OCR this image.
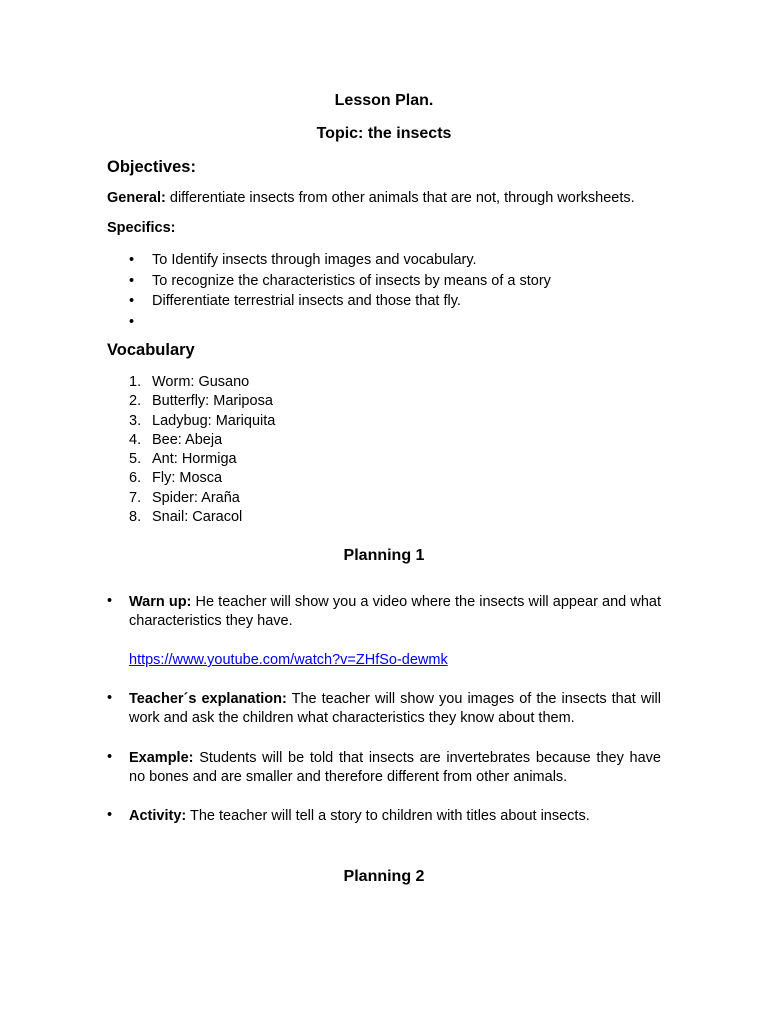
Lesson Plan.
Topic: the insects
Objectives:

General: differentiate insects from other animals that are not, through worksheets.

Specifics:

• To Identify insects through images and vocabulary.
• To recognize the characteristics of insects by means of a story
• Differentiate terrestrial insects and those that fly.
•
Vocabulary
1. Worm: Gusano
2. Butterfly: Mariposa
3. Ladybug: Mariquita
4. Bee: Abeja
5. Ant: Hormiga
6. Fly: Mosca
7. Spider: Araña
8. Snail: Caracol
Planning 1
• Warn up: He teacher will show you a video where the insects will appear and what characteristics they have.
https://www.youtube.com/watch?v=ZHfSo-dewmk
• Teacher´s explanation: The teacher will show you images of the insects that will work and ask the children what characteristics they know about them.
• Example: Students will be told that insects are invertebrates because they have no bones and are smaller and therefore different from other animals.
• Activity: The teacher will tell a story to children with titles about insects.
Planning 2
